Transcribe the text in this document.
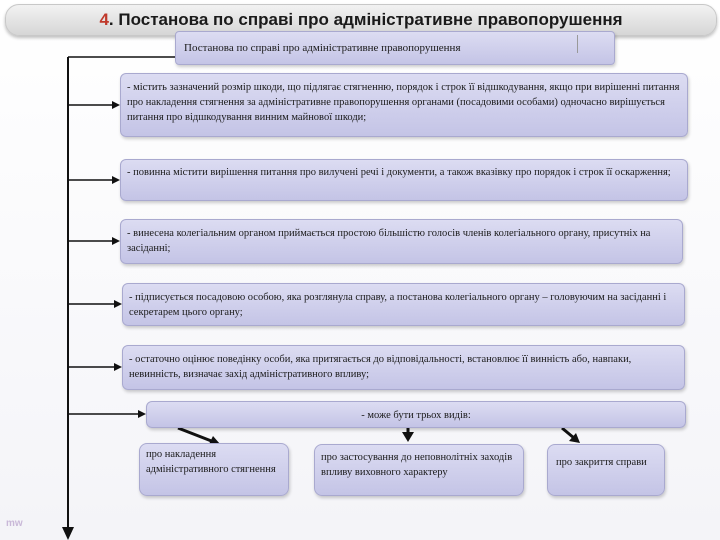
4. Постанова по справі про адміністративне правопорушення
Постанова по справі про адміністративне правопорушення
- містить зазначений розмір шкоди, що підлягає стягненню, порядок і строк її відшкодування, якщо при вирішенні питання про накладення стягнення за адміністративне правопорушення органами (посадовими особами) одночасно вирішується питання про відшкодування винним майнової шкоди;
- повинна містити вирішення питання про вилучені речі і документи, а також вказівку про порядок і строк її оскарження;
- винесена колегіальним органом приймається простою більшістю голосів членів колегіального органу, присутніх на засіданні;
- підписується посадовою особою, яка розглянула справу, а постанова колегіального органу – головуючим на засіданні і секретарем цього органу;
- остаточно оцінює поведінку особи, яка притягається до відповідальності, встановлює її винність або, навпаки, невинність, визначає захід адміністративного впливу;
- може бути трьох видів:
про накладення адміністративного стягнення
про застосування до неповнолітніх заходів впливу виховного характеру
про закриття справи
mw
